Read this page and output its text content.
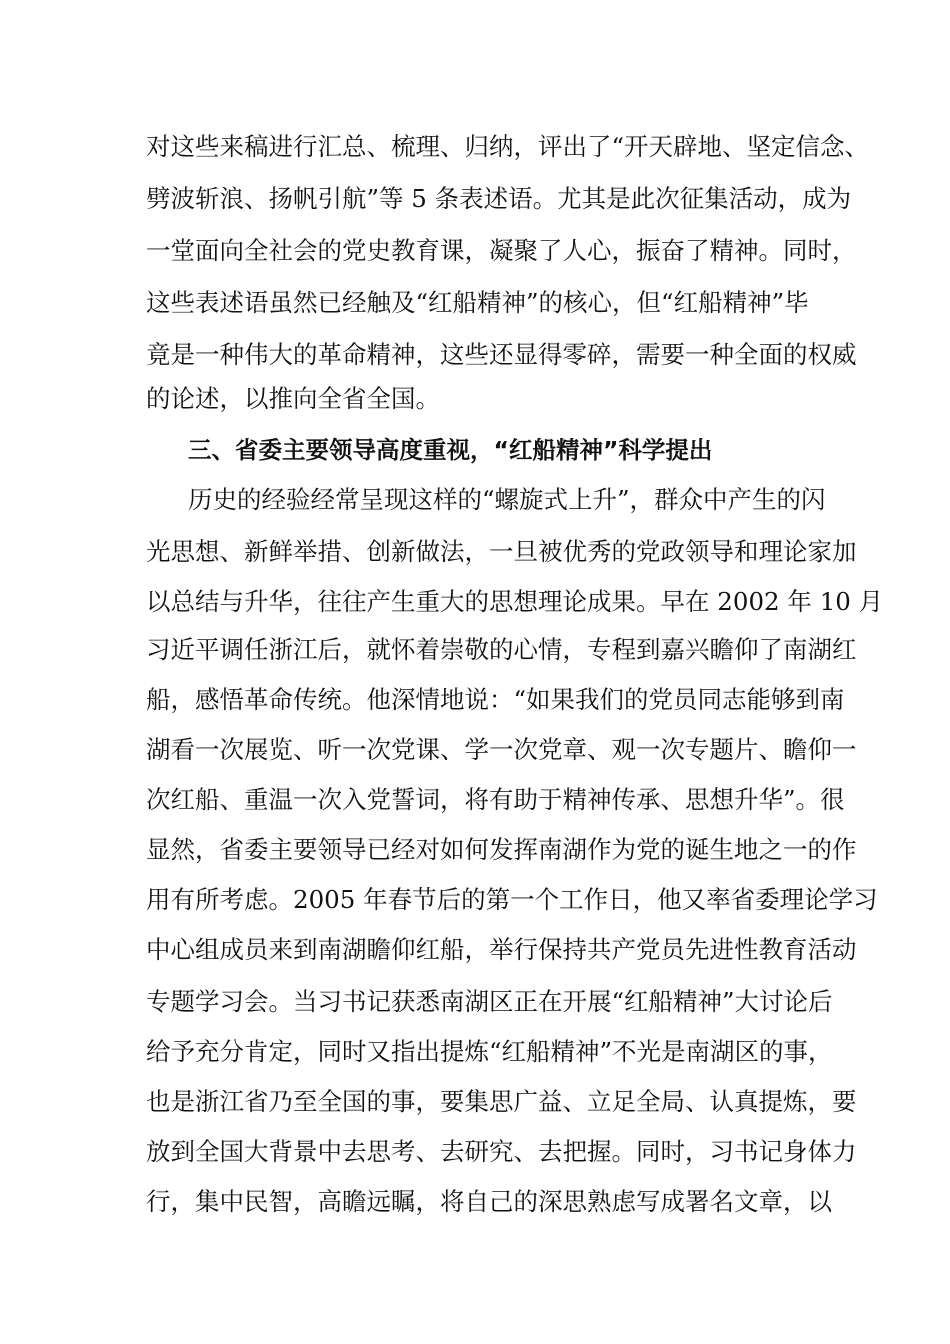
对这些来稿进行汇总、梳理、归纳，评出了“开天辟地、坚定信念、
劈波斩浪、扬帆引航”等 5 条表述语。尤其是此次征集活动，成为
一堂面向全社会的党史教育课，凝聚了人心，振奋了精神。同时，
这些表述语虽然已经触及“红船精神”的核心，但“红船精神”毕
竟是一种伟大的革命精神，这些还显得零碎，需要一种全面的权威
的论述，以推向全省全国。
三、省委主要领导高度重视，“红船精神”科学提出
历史的经验经常呈现这样的“螺旋式上升”，群众中产生的闪
光思想、新鲜举措、创新做法，一旦被优秀的党政领导和理论家加
以总结与升华，往往产生重大的思想理论成果。早在 2002 年 10 月
习近平调任浙江后，就怀着崇敬的心情，专程到嘉兴瞻仰了南湖红
船，感悟革命传统。他深情地说：“如果我们的党员同志能够到南
湖看一次展览、听一次党课、学一次党章、观一次专题片、瞻仰一
次红船、重温一次入党誓词，将有助于精神传承、思想升华”。很
显然，省委主要领导已经对如何发挥南湖作为党的诞生地之一的作
用有所考虑。2005 年春节后的第一个工作日，他又率省委理论学习
中心组成员来到南湖瞻仰红船，举行保持共产党员先进性教育活动
专题学习会。当习书记获悉南湖区正在开展“红船精神”大讨论后
给予充分肯定，同时又指出提炼“红船精神”不光是南湖区的事，
也是浙江省乃至全国的事，要集思广益、立足全局、认真提炼，要
放到全国大背景中去思考、去研究、去把握。同时，习书记身体力
行，集中民智，高瞻远瞩，将自己的深思熟虑写成署名文章，以
